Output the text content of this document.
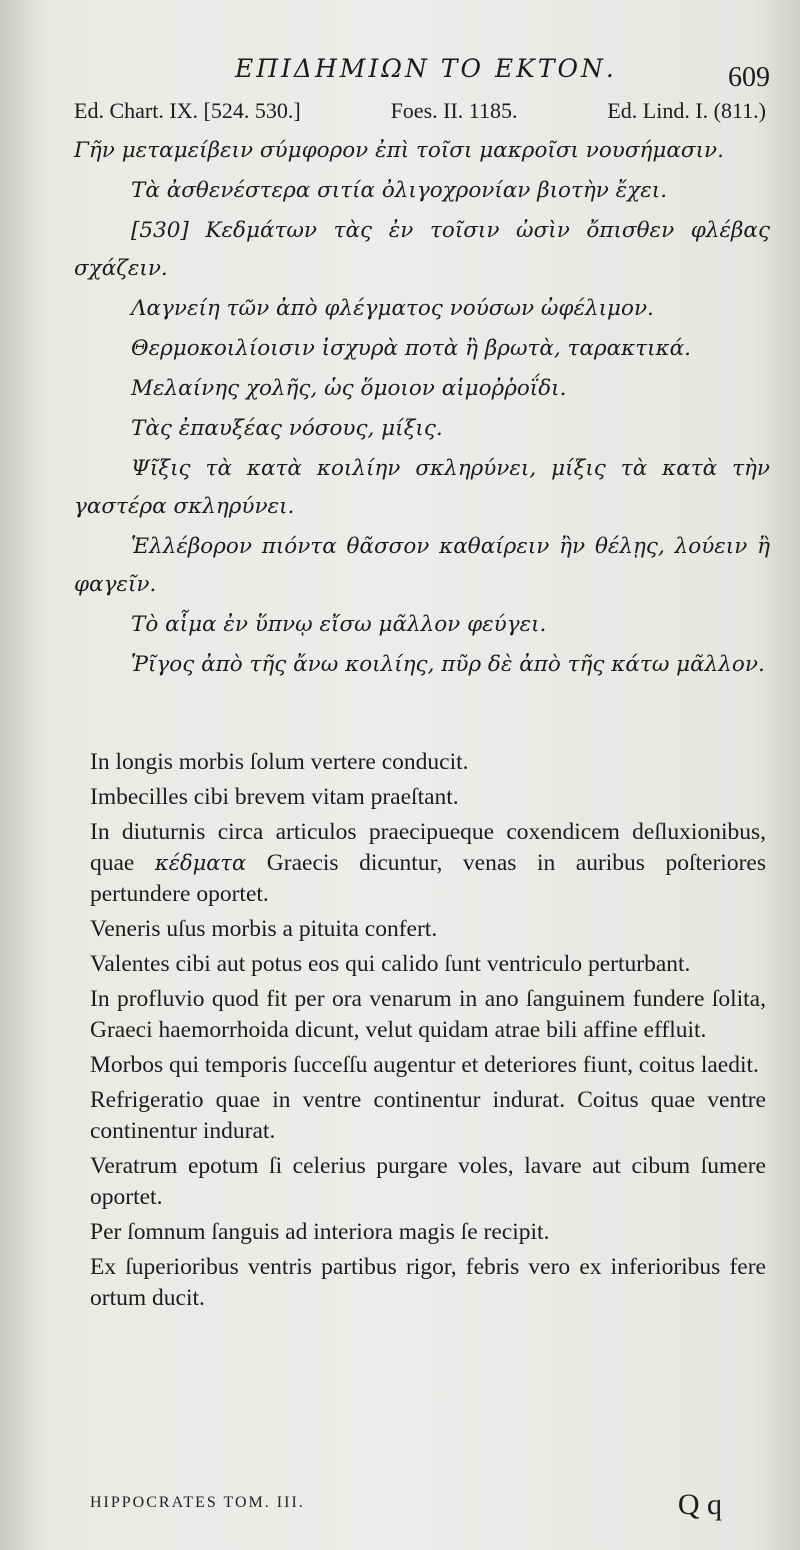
ΕΠΙΔΗΜΙΩΝ ΤΟ ΕΚΤΟΝ.	609
Ed. Chart. IX. [524. 530.]	Foes. II. 1185.	Ed. Lind. I. (811.)

Γῆν μεταμείβειν σύμφορον ἐπὶ τοῖσι μακροῖσι νουσήμασιν.

Τὰ ἀσθενέστερα σιτία ὀλιγοχρονίαν βιοτὴν ἔχει.

[530] Κεδμάτων τὰς ἐν τοῖσιν ὠσὶν ὄπισθεν φλέβας σχάζειν.

Λαγνείη τῶν ἀπὸ φλέγματος νούσων ὠφέλιμον.

Θερμοκοιλίοισιν ἰσχυρὰ ποτὰ ἢ βρωτὰ, ταρακτικά.

Μελαίνης χολῆς, ὡς ὅμοιον αἱμοῤῥοΐδι.

Τὰς ἐπαυξέας νόσους, μίξις.

Ψῖξις τὰ κατὰ κοιλίην σκληρύνει, μίξις τὰ κατὰ τὴν γαστέρα σκληρύνει.

Ἑλλέβορον πιόντα θᾶσσον καθαίρειν ἢν θέλῃς, λούειν ἢ φαγεῖν.

Τὸ αἷμα ἐν ὕπνῳ εἴσω μᾶλλον φεύγει.

Ῥῖγος ἀπὸ τῆς ἄνω κοιλίης, πῦρ δὲ ἀπὸ τῆς κάτω μᾶλλον.

In longis morbis ſolum vertere conducit.

Imbecilles cibi brevem vitam praeſtant.

In diuturnis circa articulos praecipueque coxendicem deſluxionibus, quae κέδματα Graecis dicuntur, venas in auribus poſteriores pertundere oportet.

Veneris uſus morbis a pituita confert.

Valentes cibi aut potus eos qui calido ſunt ventriculo perturbant.

In profluvio quod fit per ora venarum in ano ſanguinem fundere ſolita, Graeci haemorrhoida dicunt, velut quidam atrae bili affine effluit.

Morbos qui temporis ſucceſſu augentur et deteriores fiunt, coitus laedit.

Refrigeratio quae in ventre continentur indurat. Coitus quae ventre continentur indurat.

Veratrum epotum ſi celerius purgare voles, lavare aut cibum ſumere oportet.

Per ſomnum ſanguis ad interiora magis ſe recipit.

Ex ſuperioribus ventris partibus rigor, febris vero ex inferioribus fere ortum ducit.

HIPPOCRATES TOM. III.	Q q
